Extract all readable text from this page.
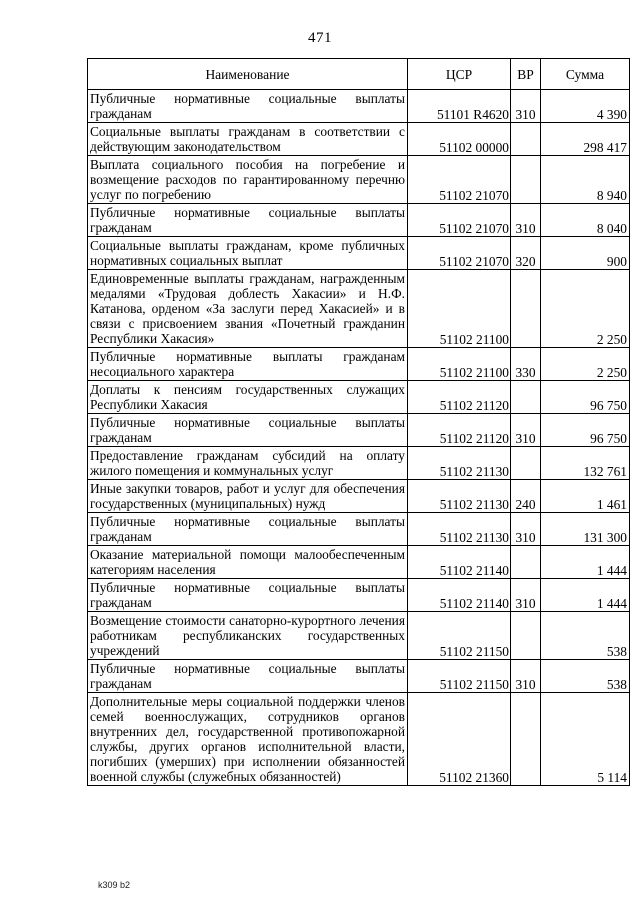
471
Наименование	ЦСР	ВР	Сумма
Публичные нормативные социальные выплаты гражданам	51101 R4620	310	4 390
Социальные выплаты гражданам в соответствии с действующим законодательством	51102 00000		298 417
Выплата социального пособия на погребение и возмещение расходов по гарантированному перечню услуг по погребению	51102 21070		8 940
Публичные нормативные социальные выплаты гражданам	51102 21070	310	8 040
Социальные выплаты гражданам, кроме публичных нормативных социальных выплат	51102 21070	320	900
Единовременные выплаты гражданам, награжденным медалями «Трудовая доблесть Хакасии» и Н.Ф. Катанова, орденом «За заслуги перед Хакасией» и в связи с присвоением звания «Почетный гражданин Республики Хакасия»	51102 21100		2 250
Публичные нормативные выплаты гражданам несоциального характера	51102 21100	330	2 250
Доплаты к пенсиям государственных служащих Республики Хакасия	51102 21120		96 750
Публичные нормативные социальные выплаты гражданам	51102 21120	310	96 750
Предоставление гражданам субсидий на оплату жилого помещения и коммунальных услуг	51102 21130		132 761
Иные закупки товаров, работ и услуг для обеспечения государственных (муниципальных) нужд	51102 21130	240	1 461
Публичные нормативные социальные выплаты гражданам	51102 21130	310	131 300
Оказание материальной помощи малообеспеченным категориям населения	51102 21140		1 444
Публичные нормативные социальные выплаты гражданам	51102 21140	310	1 444
Возмещение стоимости санаторно-курортного лечения работникам республиканских государственных учреждений	51102 21150		538
Публичные нормативные социальные выплаты гражданам	51102 21150	310	538
Дополнительные меры социальной поддержки членов семей военнослужащих, сотрудников органов внутренних дел, государственной противопожарной службы, других органов исполнительной власти, погибших (умерших) при исполнении обязанностей военной службы (служебных обязанностей)	51102 21360		5 114
k309 b2
